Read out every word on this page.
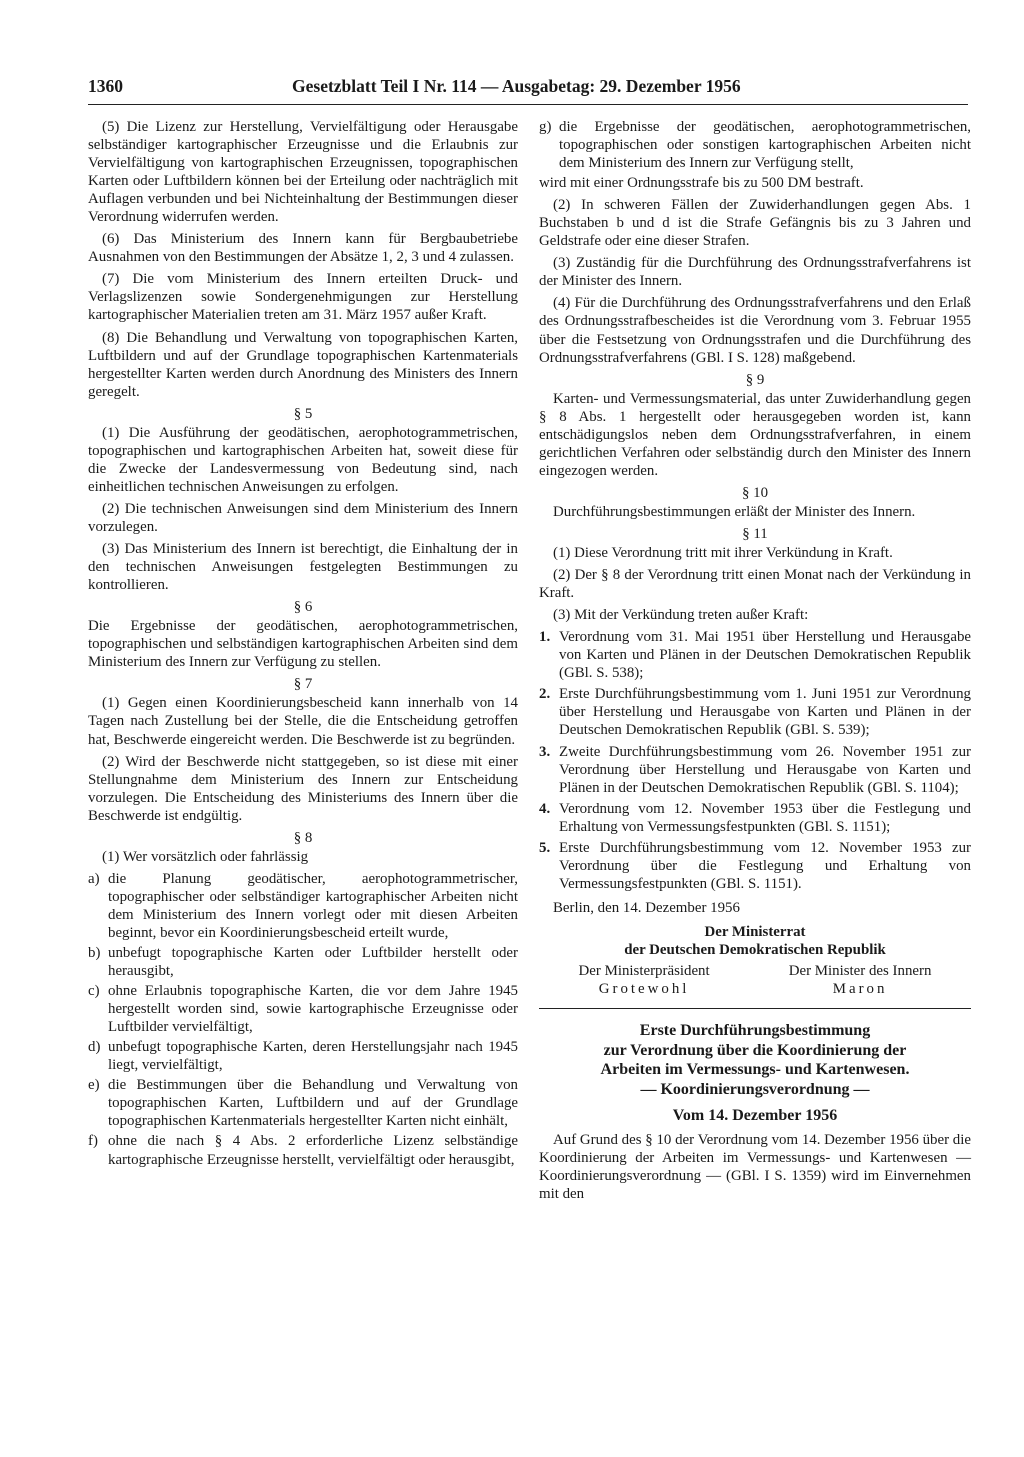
1360	Gesetzblatt Teil I Nr. 114 — Ausgabetag: 29. Dezember 1956

(5) Die Lizenz zur Herstellung, Vervielfältigung oder Herausgabe selbständiger kartographischer Erzeugnisse und die Erlaubnis zur Vervielfältigung von kartographischen Erzeugnissen, topographischen Karten oder Luftbildern können bei der Erteilung oder nachträglich mit Auflagen verbunden und bei Nichteinhaltung der Bestimmungen dieser Verordnung widerrufen werden.

(6) Das Ministerium des Innern kann für Bergbaubetriebe Ausnahmen von den Bestimmungen der Absätze 1, 2, 3 und 4 zulassen.

(7) Die vom Ministerium des Innern erteilten Druck- und Verlagslizenzen sowie Sondergenehmigungen zur Herstellung kartographischer Materialien treten am 31. März 1957 außer Kraft.

(8) Die Behandlung und Verwaltung von topographischen Karten, Luftbildern und auf der Grundlage topographischen Kartenmaterials hergestellter Karten werden durch Anordnung des Ministers des Innern geregelt.

§ 5

(1) Die Ausführung der geodätischen, aerophotogrammetrischen, topographischen und kartographischen Arbeiten hat, soweit diese für die Zwecke der Landesvermessung von Bedeutung sind, nach einheitlichen technischen Anweisungen zu erfolgen.

(2) Die technischen Anweisungen sind dem Ministerium des Innern vorzulegen.

(3) Das Ministerium des Innern ist berechtigt, die Einhaltung der in den technischen Anweisungen festgelegten Bestimmungen zu kontrollieren.

§ 6

Die Ergebnisse der geodätischen, aerophotogrammetrischen, topographischen und selbständigen kartographischen Arbeiten sind dem Ministerium des Innern zur Verfügung zu stellen.

§ 7

(1) Gegen einen Koordinierungsbescheid kann innerhalb von 14 Tagen nach Zustellung bei der Stelle, die die Entscheidung getroffen hat, Beschwerde eingereicht werden. Die Beschwerde ist zu begründen.

(2) Wird der Beschwerde nicht stattgegeben, so ist diese mit einer Stellungnahme dem Ministerium des Innern zur Entscheidung vorzulegen. Die Entscheidung des Ministeriums des Innern über die Beschwerde ist endgültig.

§ 8

(1) Wer vorsätzlich oder fahrlässig

a) die Planung geodätischer, aerophotogrammetrischer, topographischer oder selbständiger kartographischer Arbeiten nicht dem Ministerium des Innern vorlegt oder mit diesen Arbeiten beginnt, bevor ein Koordinierungsbescheid erteilt wurde,
b) unbefugt topographische Karten oder Luftbilder herstellt oder herausgibt,
c) ohne Erlaubnis topographische Karten, die vor dem Jahre 1945 hergestellt worden sind, sowie kartographische Erzeugnisse oder Luftbilder vervielfältigt,
d) unbefugt topographische Karten, deren Herstellungsjahr nach 1945 liegt, vervielfältigt,
e) die Bestimmungen über die Behandlung und Verwaltung von topographischen Karten, Luftbildern und auf der Grundlage topographischen Kartenmaterials hergestellter Karten nicht einhält,
f) ohne die nach § 4 Abs. 2 erforderliche Lizenz selbständige kartographische Erzeugnisse herstellt, vervielfältigt oder herausgibt,
g) die Ergebnisse der geodätischen, aerophotogrammetrischen, topographischen oder sonstigen kartographischen Arbeiten nicht dem Ministerium des Innern zur Verfügung stellt,

wird mit einer Ordnungsstrafe bis zu 500 DM bestraft.

(2) In schweren Fällen der Zuwiderhandlungen gegen Abs. 1 Buchstaben b und d ist die Strafe Gefängnis bis zu 3 Jahren und Geldstrafe oder eine dieser Strafen.

(3) Zuständig für die Durchführung des Ordnungsstrafverfahrens ist der Minister des Innern.

(4) Für die Durchführung des Ordnungsstrafverfahrens und den Erlaß des Ordnungsstrafbescheides ist die Verordnung vom 3. Februar 1955 über die Festsetzung von Ordnungsstrafen und die Durchführung des Ordnungsstrafverfahrens (GBl. I S. 128) maßgebend.

§ 9

Karten- und Vermessungsmaterial, das unter Zuwiderhandlung gegen § 8 Abs. 1 hergestellt oder herausgegeben worden ist, kann entschädigungslos neben dem Ordnungsstrafverfahren, in einem gerichtlichen Verfahren oder selbständig durch den Minister des Innern eingezogen werden.

§ 10

Durchführungsbestimmungen erläßt der Minister des Innern.

§ 11

(1) Diese Verordnung tritt mit ihrer Verkündung in Kraft.

(2) Der § 8 der Verordnung tritt einen Monat nach der Verkündung in Kraft.

(3) Mit der Verkündung treten außer Kraft:

1. Verordnung vom 31. Mai 1951 über Herstellung und Herausgabe von Karten und Plänen in der Deutschen Demokratischen Republik (GBl. S. 538);
2. Erste Durchführungsbestimmung vom 1. Juni 1951 zur Verordnung über Herstellung und Herausgabe von Karten und Plänen in der Deutschen Demokratischen Republik (GBl. S. 539);
3. Zweite Durchführungsbestimmung vom 26. November 1951 zur Verordnung über Herstellung und Herausgabe von Karten und Plänen in der Deutschen Demokratischen Republik (GBl. S. 1104);
4. Verordnung vom 12. November 1953 über die Festlegung und Erhaltung von Vermessungsfestpunkten (GBl. S. 1151);
5. Erste Durchführungsbestimmung vom 12. November 1953 zur Verordnung über die Festlegung und Erhaltung von Vermessungsfestpunkten (GBl. S. 1151).
Berlin, den 14. Dezember 1956
Der Ministerrat
der Deutschen Demokratischen Republik
Der Ministerpräsident
Grotewohl
Der Minister des Innern
Maron
Erste Durchführungsbestimmung
zur Verordnung über die Koordinierung der
Arbeiten im Vermessungs- und Kartenwesen.
— Koordinierungsverordnung —
Vom 14. Dezember 1956

Auf Grund des § 10 der Verordnung vom 14. Dezember 1956 über die Koordinierung der Arbeiten im Vermessungs- und Kartenwesen — Koordinierungsverordnung — (GBl. I S. 1359) wird im Einvernehmen mit den
